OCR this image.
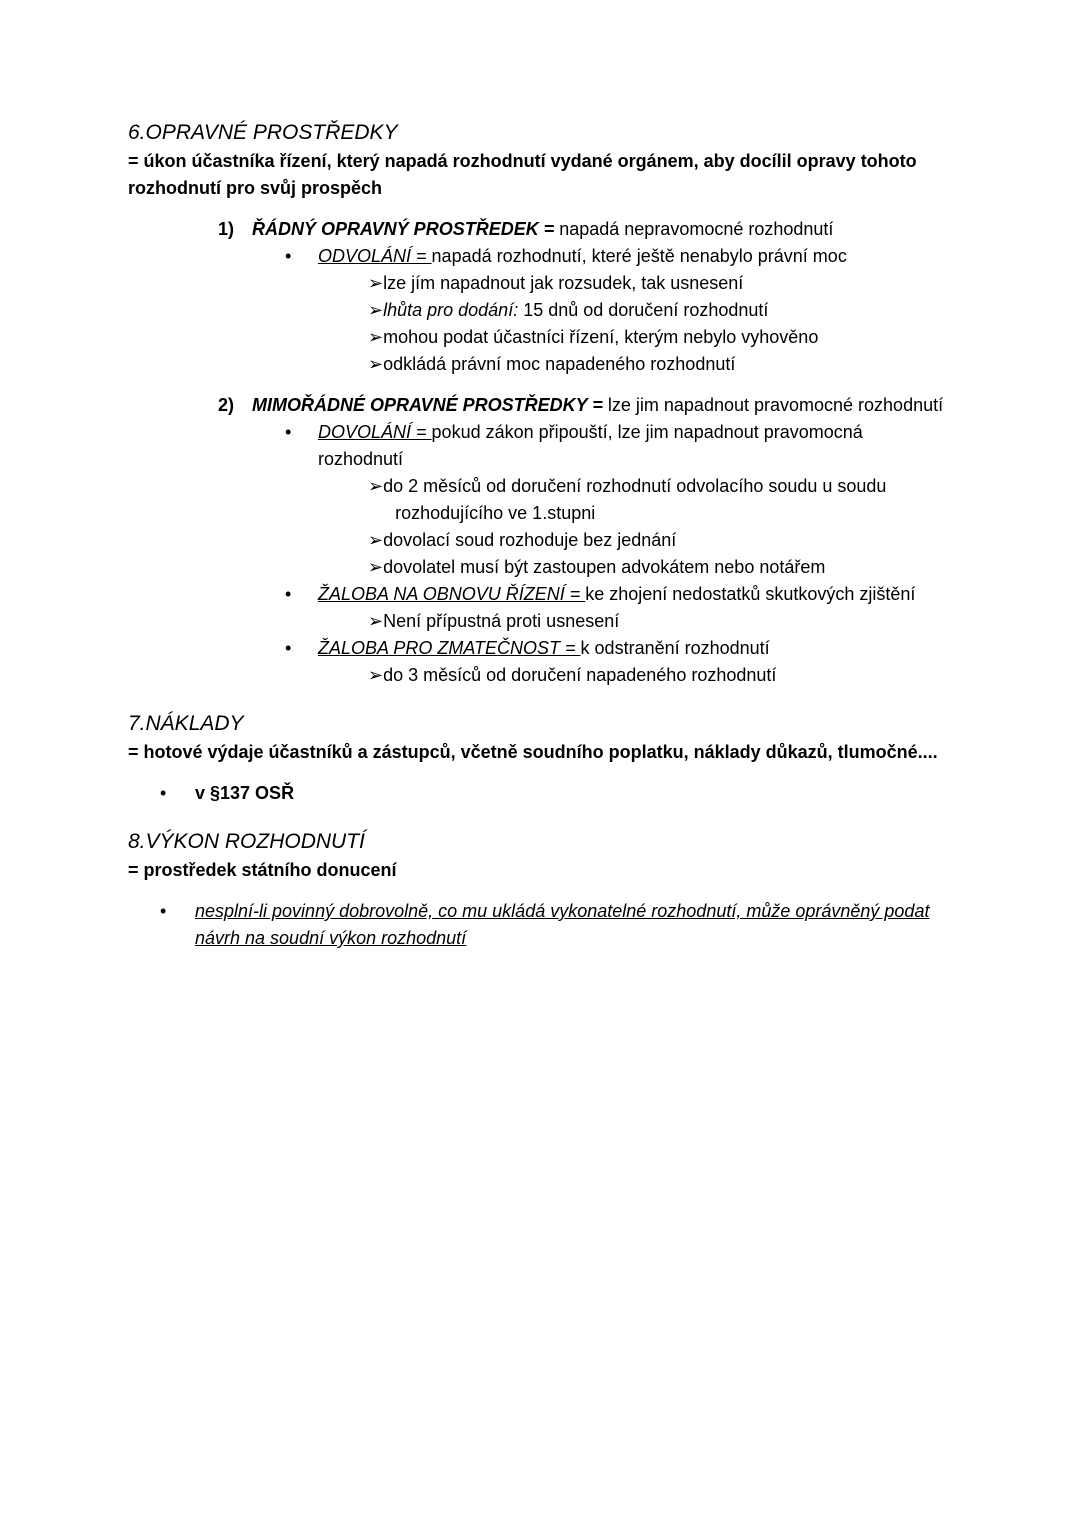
6.OPRAVNÉ PROSTŘEDKY

= úkon účastníka řízení, který napadá rozhodnutí vydané orgánem, aby docílil opravy tohoto rozhodnutí pro svůj prospěch

1) ŘÁDNÝ OPRAVNÝ PROSTŘEDEK = napadá nepravomocné rozhodnutí
•	ODVOLÁNÍ = napadá rozhodnutí, které ještě nenabylo právní moc
➢ lze jím napadnout jak rozsudek, tak usnesení
➢ lhůta pro dodání: 15 dnů od doručení rozhodnutí
➢ mohou podat účastníci řízení, kterým nebylo vyhověno
➢ odkládá právní moc napadeného rozhodnutí
2) MIMOŘÁDNÉ OPRAVNÉ PROSTŘEDKY = lze jim napadnout pravomocné rozhodnutí
•	DOVOLÁNÍ = pokud zákon připouští, lze jim napadnout pravomocná rozhodnutí
➢ do 2 měsíců od doručení rozhodnutí odvolacího soudu u soudu rozhodujícího ve 1.stupni
➢ dovolací soud rozhoduje bez jednání
➢ dovolatel musí být zastoupen advokátem nebo notářem
•	ŽALOBA NA OBNOVU ŘÍZENÍ = ke zhojení nedostatků skutkových zjištění
➢ Není přípustná proti usnesení
•	ŽALOBA PRO ZMATEČNOST = k odstranění rozhodnutí
➢ do 3 měsíců od doručení napadeného rozhodnutí
7.NÁKLADY

= hotové výdaje účastníků a zástupců, včetně soudního poplatku, náklady důkazů, tlumočné....

•	v §137 OSŘ
8.VÝKON ROZHODNUTÍ

= prostředek státního donucení

•	nesplní-li povinný dobrovolně, co mu ukládá vykonatelné rozhodnutí, může oprávněný podat návrh na soudní výkon rozhodnutí
